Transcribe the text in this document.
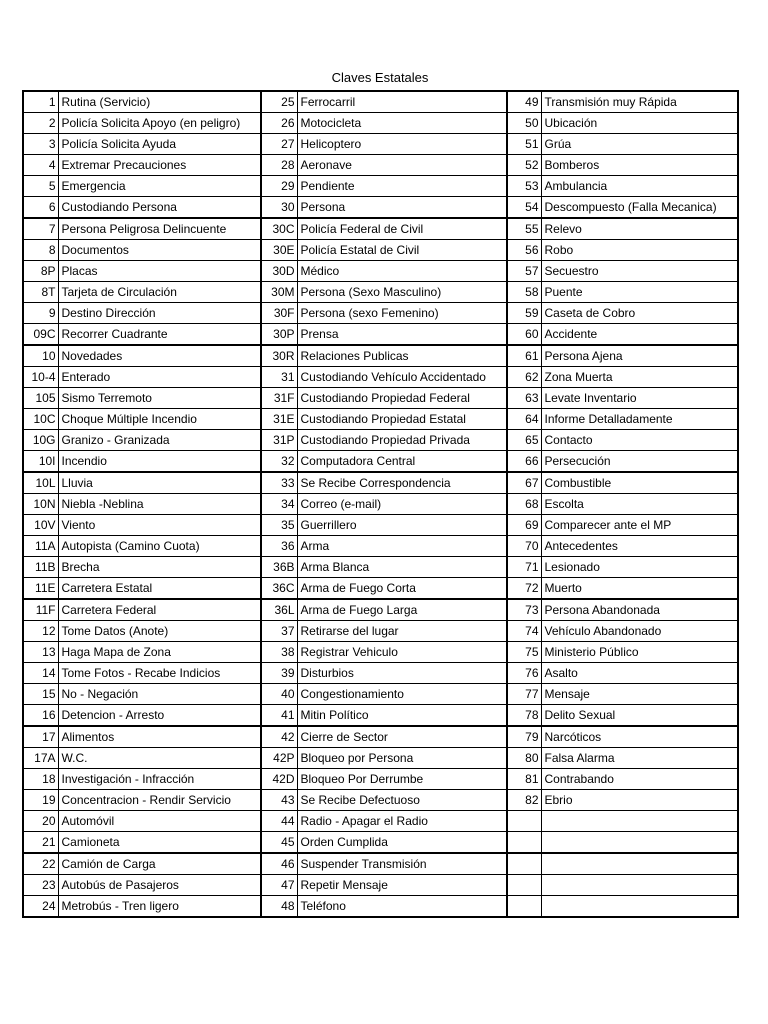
Claves Estatales
1	Rutina (Servicio)	25	Ferrocarril	49	Transmisión muy Rápida
2	Policía Solicita Apoyo (en peligro)	26	Motocicleta	50	Ubicación
3	Policía Solicita Ayuda	27	Helicoptero	51	Grúa
4	Extremar Precauciones	28	Aeronave	52	Bomberos
5	Emergencia	29	Pendiente	53	Ambulancia
6	Custodiando Persona	30	Persona	54	Descompuesto (Falla Mecanica)
7	Persona Peligrosa Delincuente	30C	Policía Federal de Civil	55	Relevo
8	Documentos	30E	Policía Estatal de Civil	56	Robo
8P	Placas	30D	Médico	57	Secuestro
8T	Tarjeta de Circulación	30M	Persona (Sexo Masculino)	58	Puente
9	Destino Dirección	30F	Persona (sexo Femenino)	59	Caseta de Cobro
09C	Recorrer Cuadrante	30P	Prensa	60	Accidente
10	Novedades	30R	Relaciones Publicas	61	Persona Ajena
10-4	Enterado	31	Custodiando Vehículo Accidentado	62	Zona Muerta
105	Sismo Terremoto	31F	Custodiando Propiedad Federal	63	Levate Inventario
10C	Choque Múltiple Incendio	31E	Custodiando Propiedad Estatal	64	Informe Detalladamente
10G	Granizo - Granizada	31P	Custodiando Propiedad Privada	65	Contacto
10I	Incendio	32	Computadora Central	66	Persecución
10L	Lluvia	33	Se Recibe Correspondencia	67	Combustible
10N	Niebla -Neblina	34	Correo (e-mail)	68	Escolta
10V	Viento	35	Guerrillero	69	Comparecer ante el MP
11A	Autopista (Camino Cuota)	36	Arma	70	Antecedentes
11B	Brecha	36B	Arma Blanca	71	Lesionado
11E	Carretera Estatal	36C	Arma de Fuego Corta	72	Muerto
11F	Carretera Federal	36L	Arma de Fuego Larga	73	Persona Abandonada
12	Tome Datos (Anote)	37	Retirarse del lugar	74	Vehículo Abandonado
13	Haga Mapa de Zona	38	Registrar Vehiculo	75	Ministerio Público
14	Tome Fotos - Recabe Indicios	39	Disturbios	76	Asalto
15	No - Negación	40	Congestionamiento	77	Mensaje
16	Detencion - Arresto	41	Mitin Político	78	Delito Sexual
17	Alimentos	42	Cierre de Sector	79	Narcóticos
17A	W.C.	42P	Bloqueo por Persona	80	Falsa Alarma
18	Investigación - Infracción	42D	Bloqueo Por Derrumbe	81	Contrabando
19	Concentracion - Rendir Servicio	43	Se Recibe Defectuoso	82	Ebrio
20	Automóvil	44	Radio - Apagar el Radio		
21	Camioneta	45	Orden Cumplida		
22	Camión de Carga	46	Suspender Transmisión		
23	Autobús de Pasajeros	47	Repetir Mensaje		
24	Metrobús - Tren ligero	48	Teléfono		
